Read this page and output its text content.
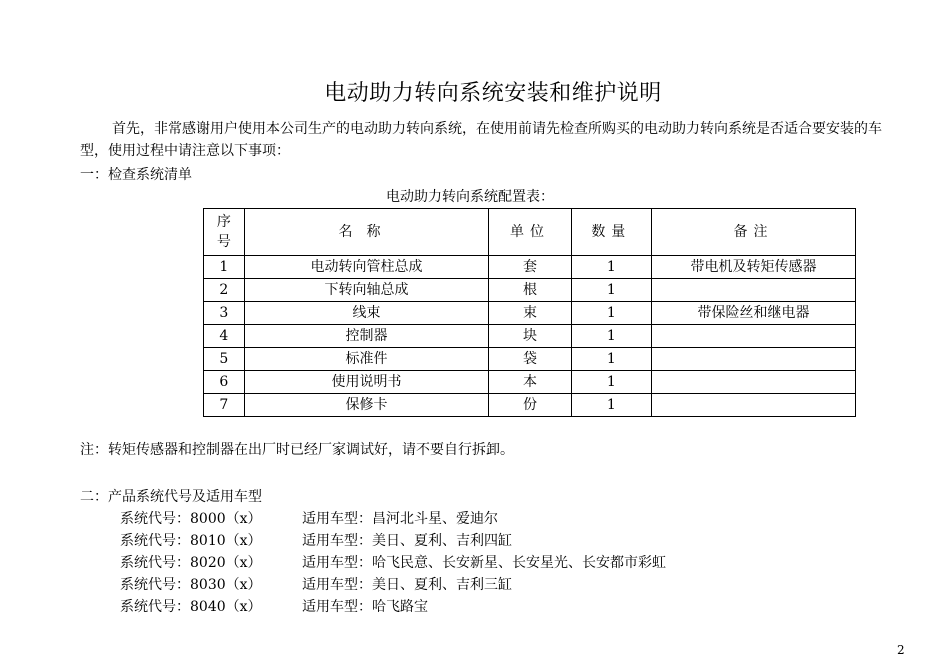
电动助力转向系统安装和维护说明
首先，非常感谢用户使用本公司生产的电动助力转向系统，在使用前请先检查所购买的电动助力转向系统是否适合要安装的车型，使用过程中请注意以下事项：
一：检查系统清单
电动助力转向系统配置表：
序号	名称	单位	数量	备注
1	电动转向管柱总成	套	1	带电机及转矩传感器
2	下转向轴总成	根	1	
3	线束	束	1	带保险丝和继电器
4	控制器	块	1	
5	标准件	袋	1	
6	使用说明书	本	1	
7	保修卡	份	1	
注：转矩传感器和控制器在出厂时已经厂家调试好，请不要自行拆卸。
二：产品系统代号及适用车型
系统代号：8000（x）	适用车型：昌河北斗星、爱迪尔
系统代号：8010（x）	适用车型：美日、夏利、吉利四缸
系统代号：8020（x）	适用车型：哈飞民意、长安新星、长安星光、长安都市彩虹
系统代号：8030（x）	适用车型：美日、夏利、吉利三缸
系统代号：8040（x）	适用车型：哈飞路宝
2
